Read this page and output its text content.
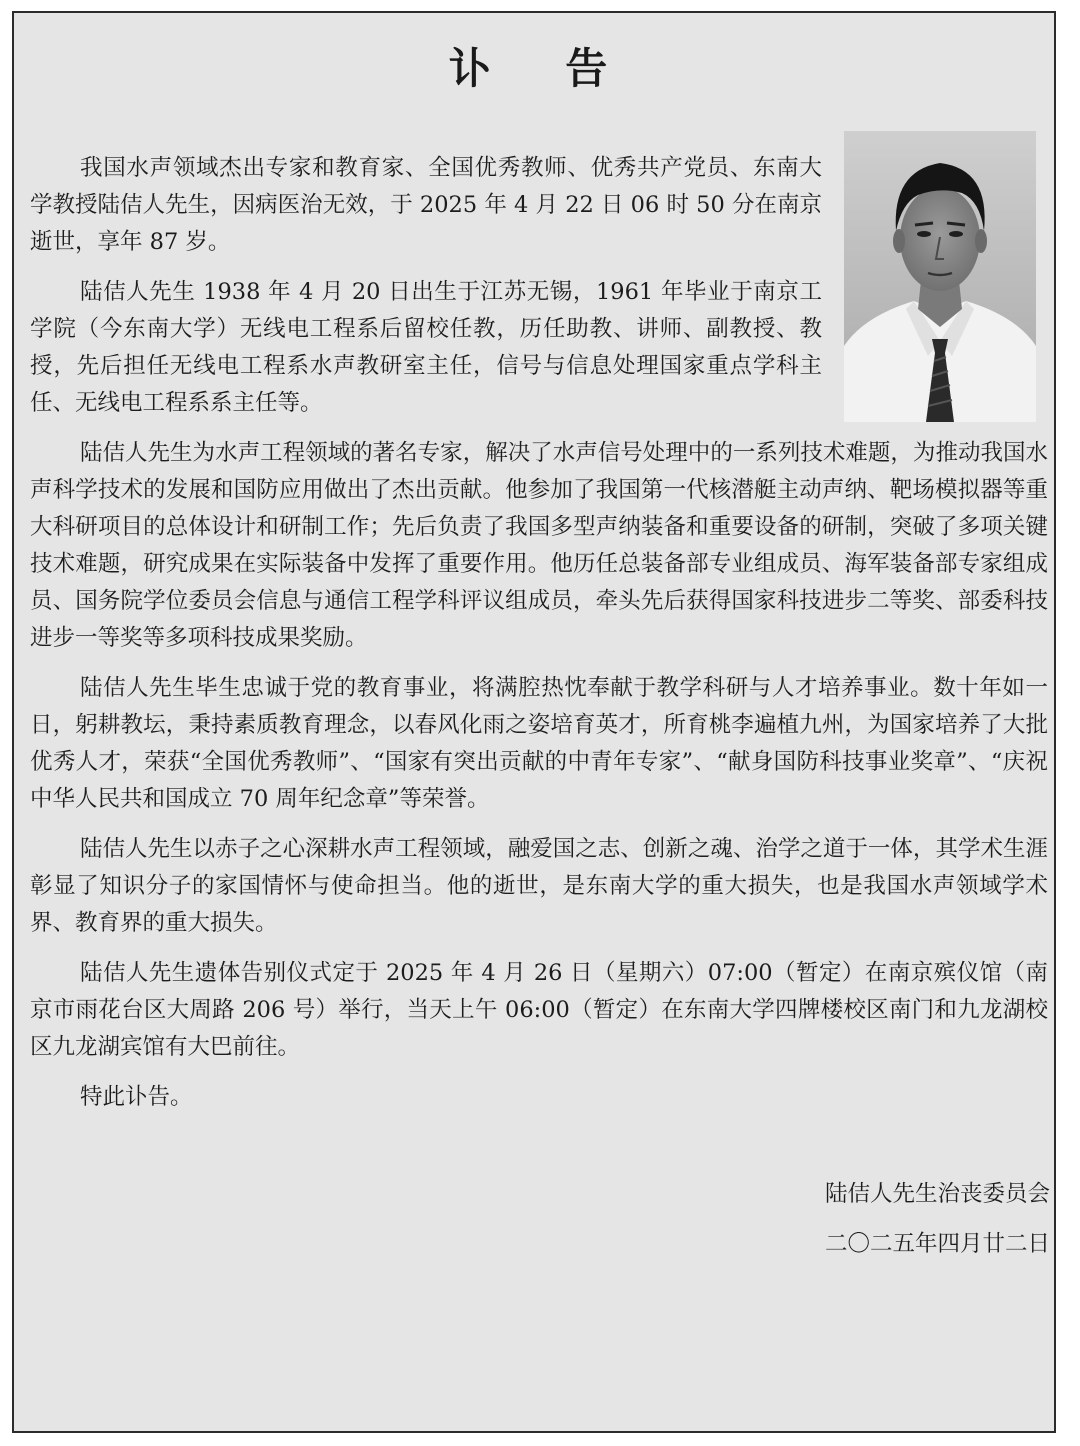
讣 告

我国水声领域杰出专家和教育家、全国优秀教师、优秀共产党员、东南大学教授陆佶人先生，因病医治无效，于 2025 年 4 月 22 日 06 时 50 分在南京逝世，享年 87 岁。

陆佶人先生 1938 年 4 月 20 日出生于江苏无锡，1961 年毕业于南京工学院（今东南大学）无线电工程系后留校任教，历任助教、讲师、副教授、教授，先后担任无线电工程系水声教研室主任，信号与信息处理国家重点学科主任、无线电工程系系主任等。

陆佶人先生为水声工程领域的著名专家，解决了水声信号处理中的一系列技术难题，为推动我国水声科学技术的发展和国防应用做出了杰出贡献。他参加了我国第一代核潜艇主动声纳、靶场模拟器等重大科研项目的总体设计和研制工作；先后负责了我国多型声纳装备和重要设备的研制，突破了多项关键技术难题，研究成果在实际装备中发挥了重要作用。他历任总装备部专业组成员、海军装备部专家组成员、国务院学位委员会信息与通信工程学科评议组成员，牵头先后获得国家科技进步二等奖、部委科技进步一等奖等多项科技成果奖励。

陆佶人先生毕生忠诚于党的教育事业，将满腔热忱奉献于教学科研与人才培养事业。数十年如一日，躬耕教坛，秉持素质教育理念，以春风化雨之姿培育英才，所育桃李遍植九州，为国家培养了大批优秀人才，荣获“全国优秀教师”、“国家有突出贡献的中青年专家”、“献身国防科技事业奖章”、“庆祝中华人民共和国成立 70 周年纪念章”等荣誉。

陆佶人先生以赤子之心深耕水声工程领域，融爱国之志、创新之魂、治学之道于一体，其学术生涯彰显了知识分子的家国情怀与使命担当。他的逝世，是东南大学的重大损失，也是我国水声领域学术界、教育界的重大损失。

陆佶人先生遗体告别仪式定于 2025 年 4 月 26 日（星期六）07:00（暂定）在南京殡仪馆（南京市雨花台区大周路 206 号）举行，当天上午 06:00（暂定）在东南大学四牌楼校区南门和九龙湖校区九龙湖宾馆有大巴前往。

特此讣告。

陆佶人先生治丧委员会
二〇二五年四月廿二日
